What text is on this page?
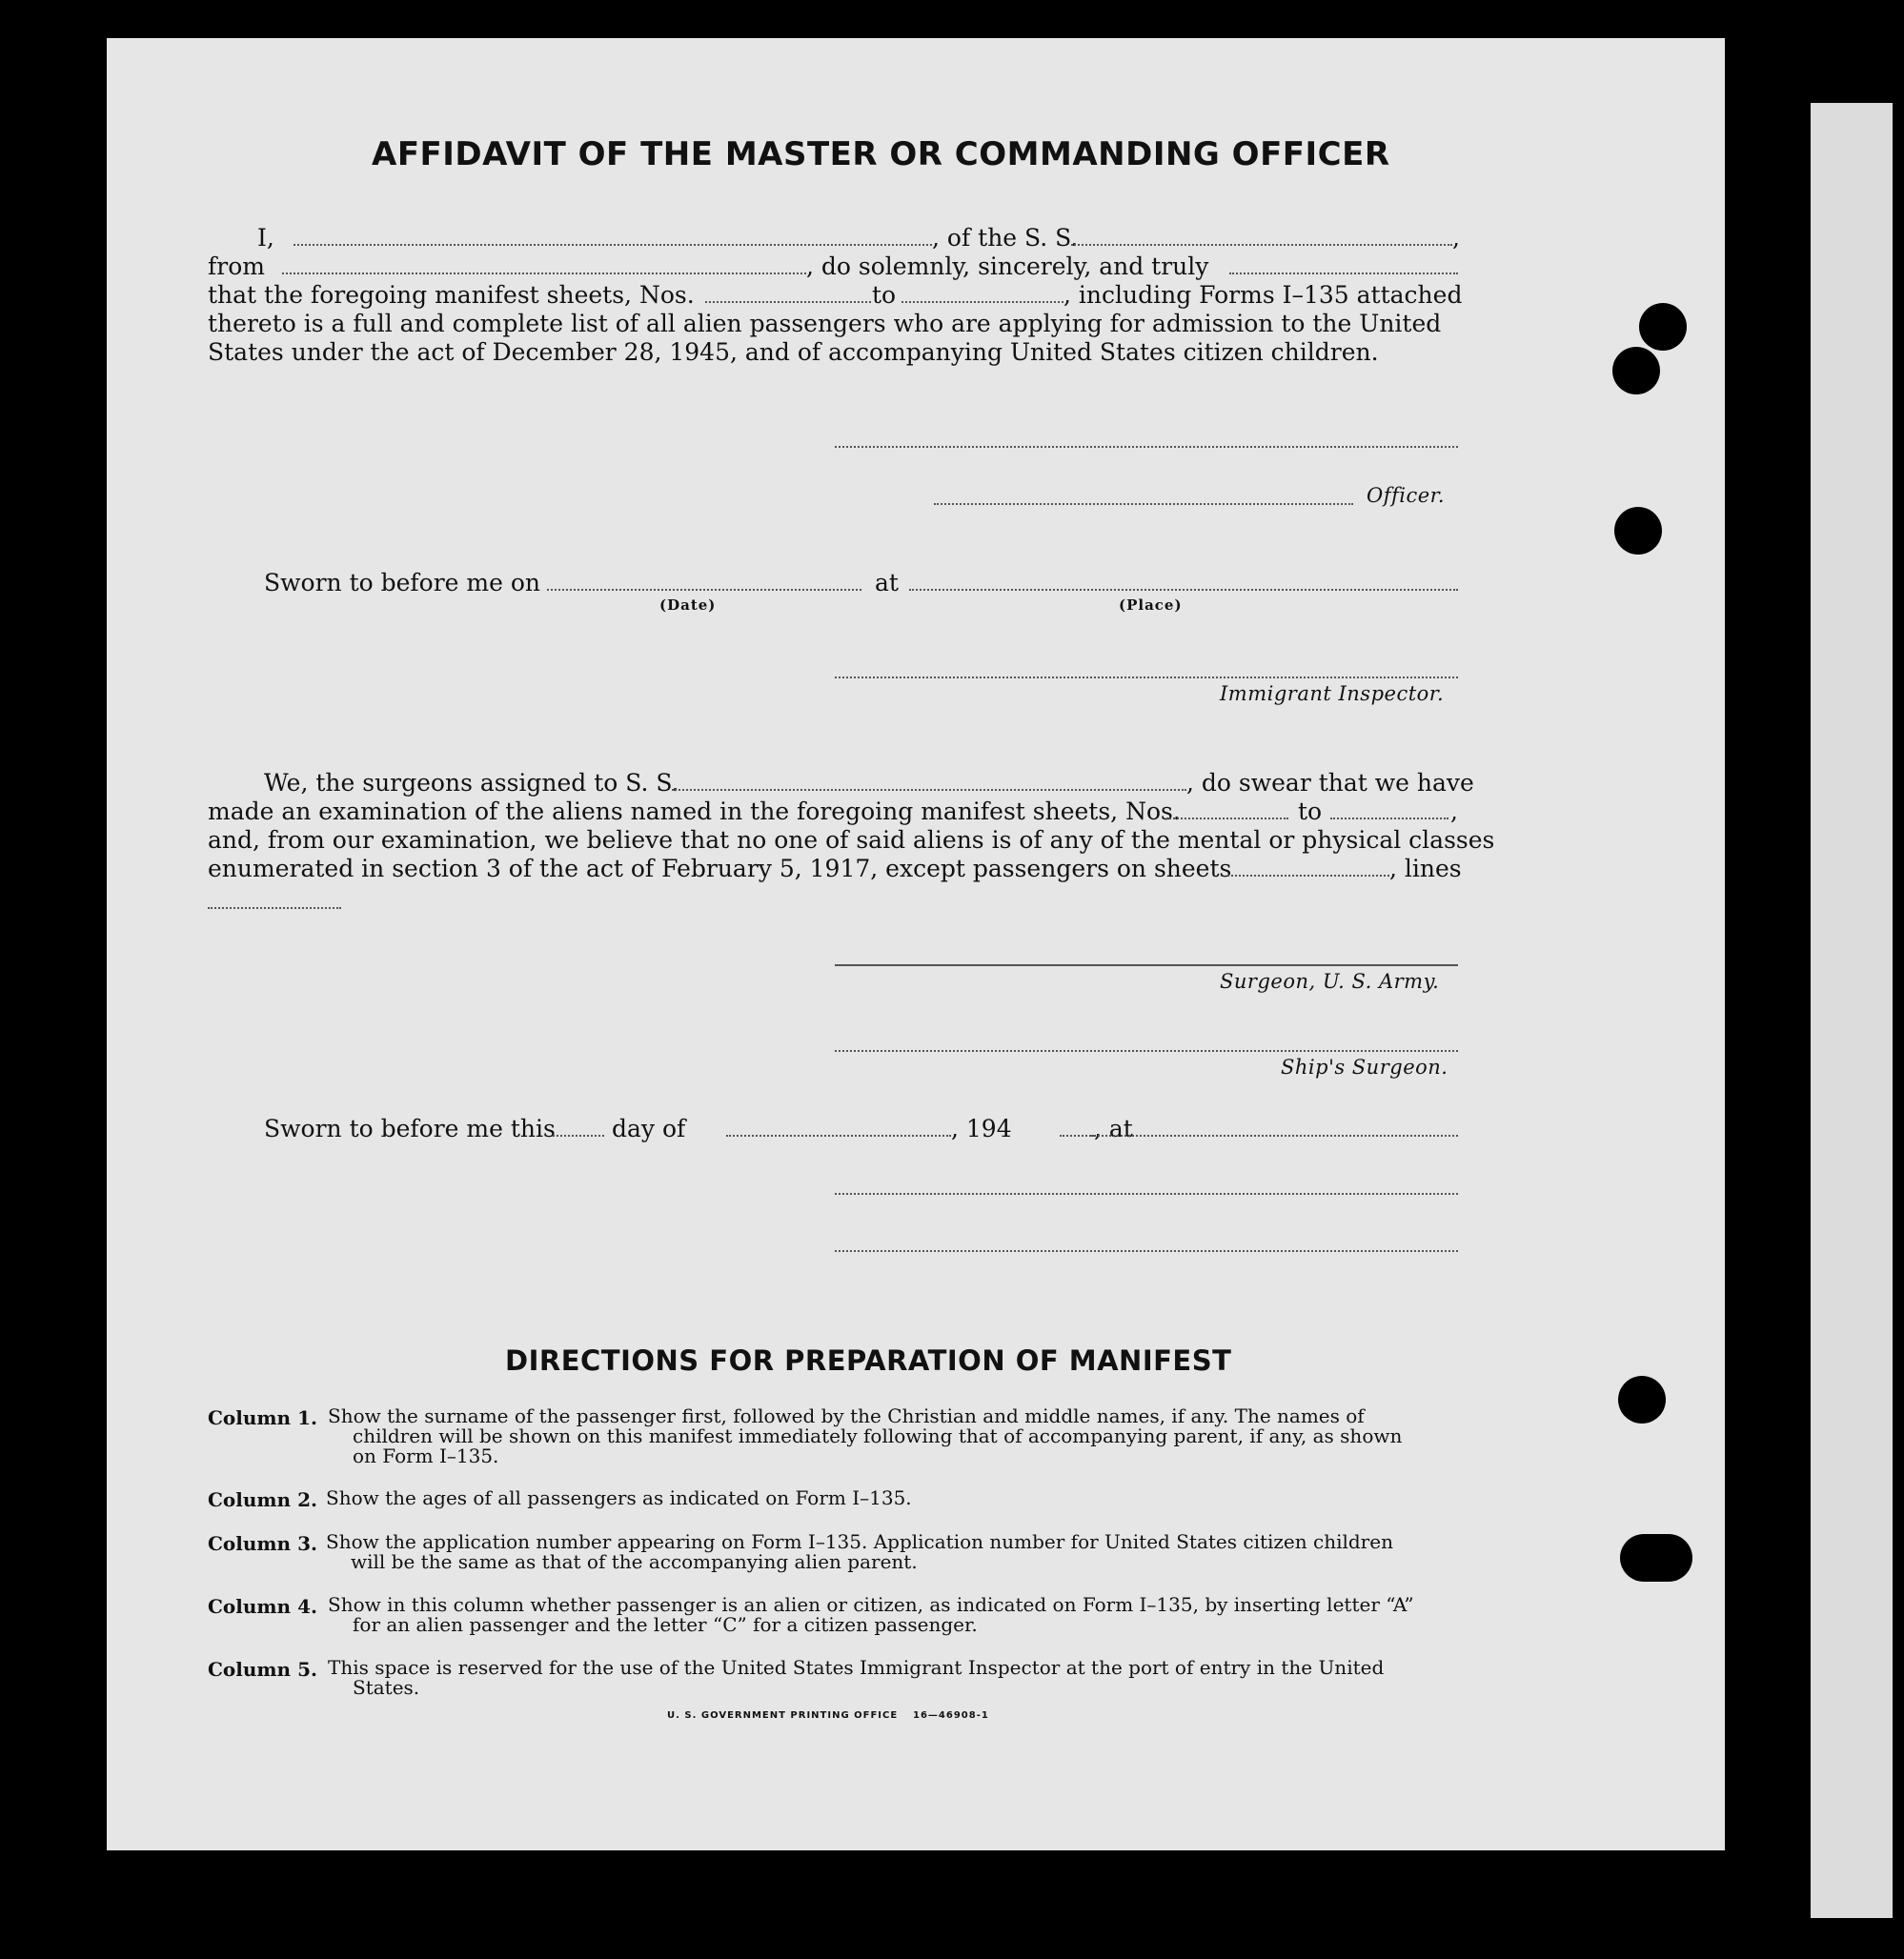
AFFIDAVIT OF THE MASTER OR COMMANDING OFFICER
I,	, of the S. S.	,
from	, do solemnly, sincerely, and truly
that the foregoing manifest sheets, Nos.	to	, including Forms I–135 attached
thereto is a full and complete list of all alien passengers who are applying for admission to the United
States under the act of December 28, 1945, and of accompanying United States citizen children.
Officer.
Sworn to before me on
(Date)
at
(Place)
Immigrant Inspector.
We, the surgeons assigned to S. S.	, do swear that we have
made an examination of the aliens named in the foregoing manifest sheets, Nos.	to	,
and, from our examination, we believe that no one of said aliens is of any of the mental or physical classes
enumerated in section 3 of the act of February 5, 1917, except passengers on sheets	, lines
Surgeon, U. S. Army.
Ship's Surgeon.
Sworn to before me this day of	, 194	, at
DIRECTIONS FOR PREPARATION OF MANIFEST
Column 1. Show the surname of the passenger first, followed by the Christian and middle names, if any. The names of
children will be shown on this manifest immediately following that of accompanying parent, if any, as shown
on Form I–135.
Column 2. Show the ages of all passengers as indicated on Form I–135.
Column 3. Show the application number appearing on Form I–135. Application number for United States citizen children
will be the same as that of the accompanying alien parent.
Column 4. Show in this column whether passenger is an alien or citizen, as indicated on Form I–135, by inserting letter “A”
for an alien passenger and the letter “C” for a citizen passenger.
Column 5. This space is reserved for the use of the United States Immigrant Inspector at the port of entry in the United
States.
U. S. GOVERNMENT PRINTING OFFICE 16—46908-1
